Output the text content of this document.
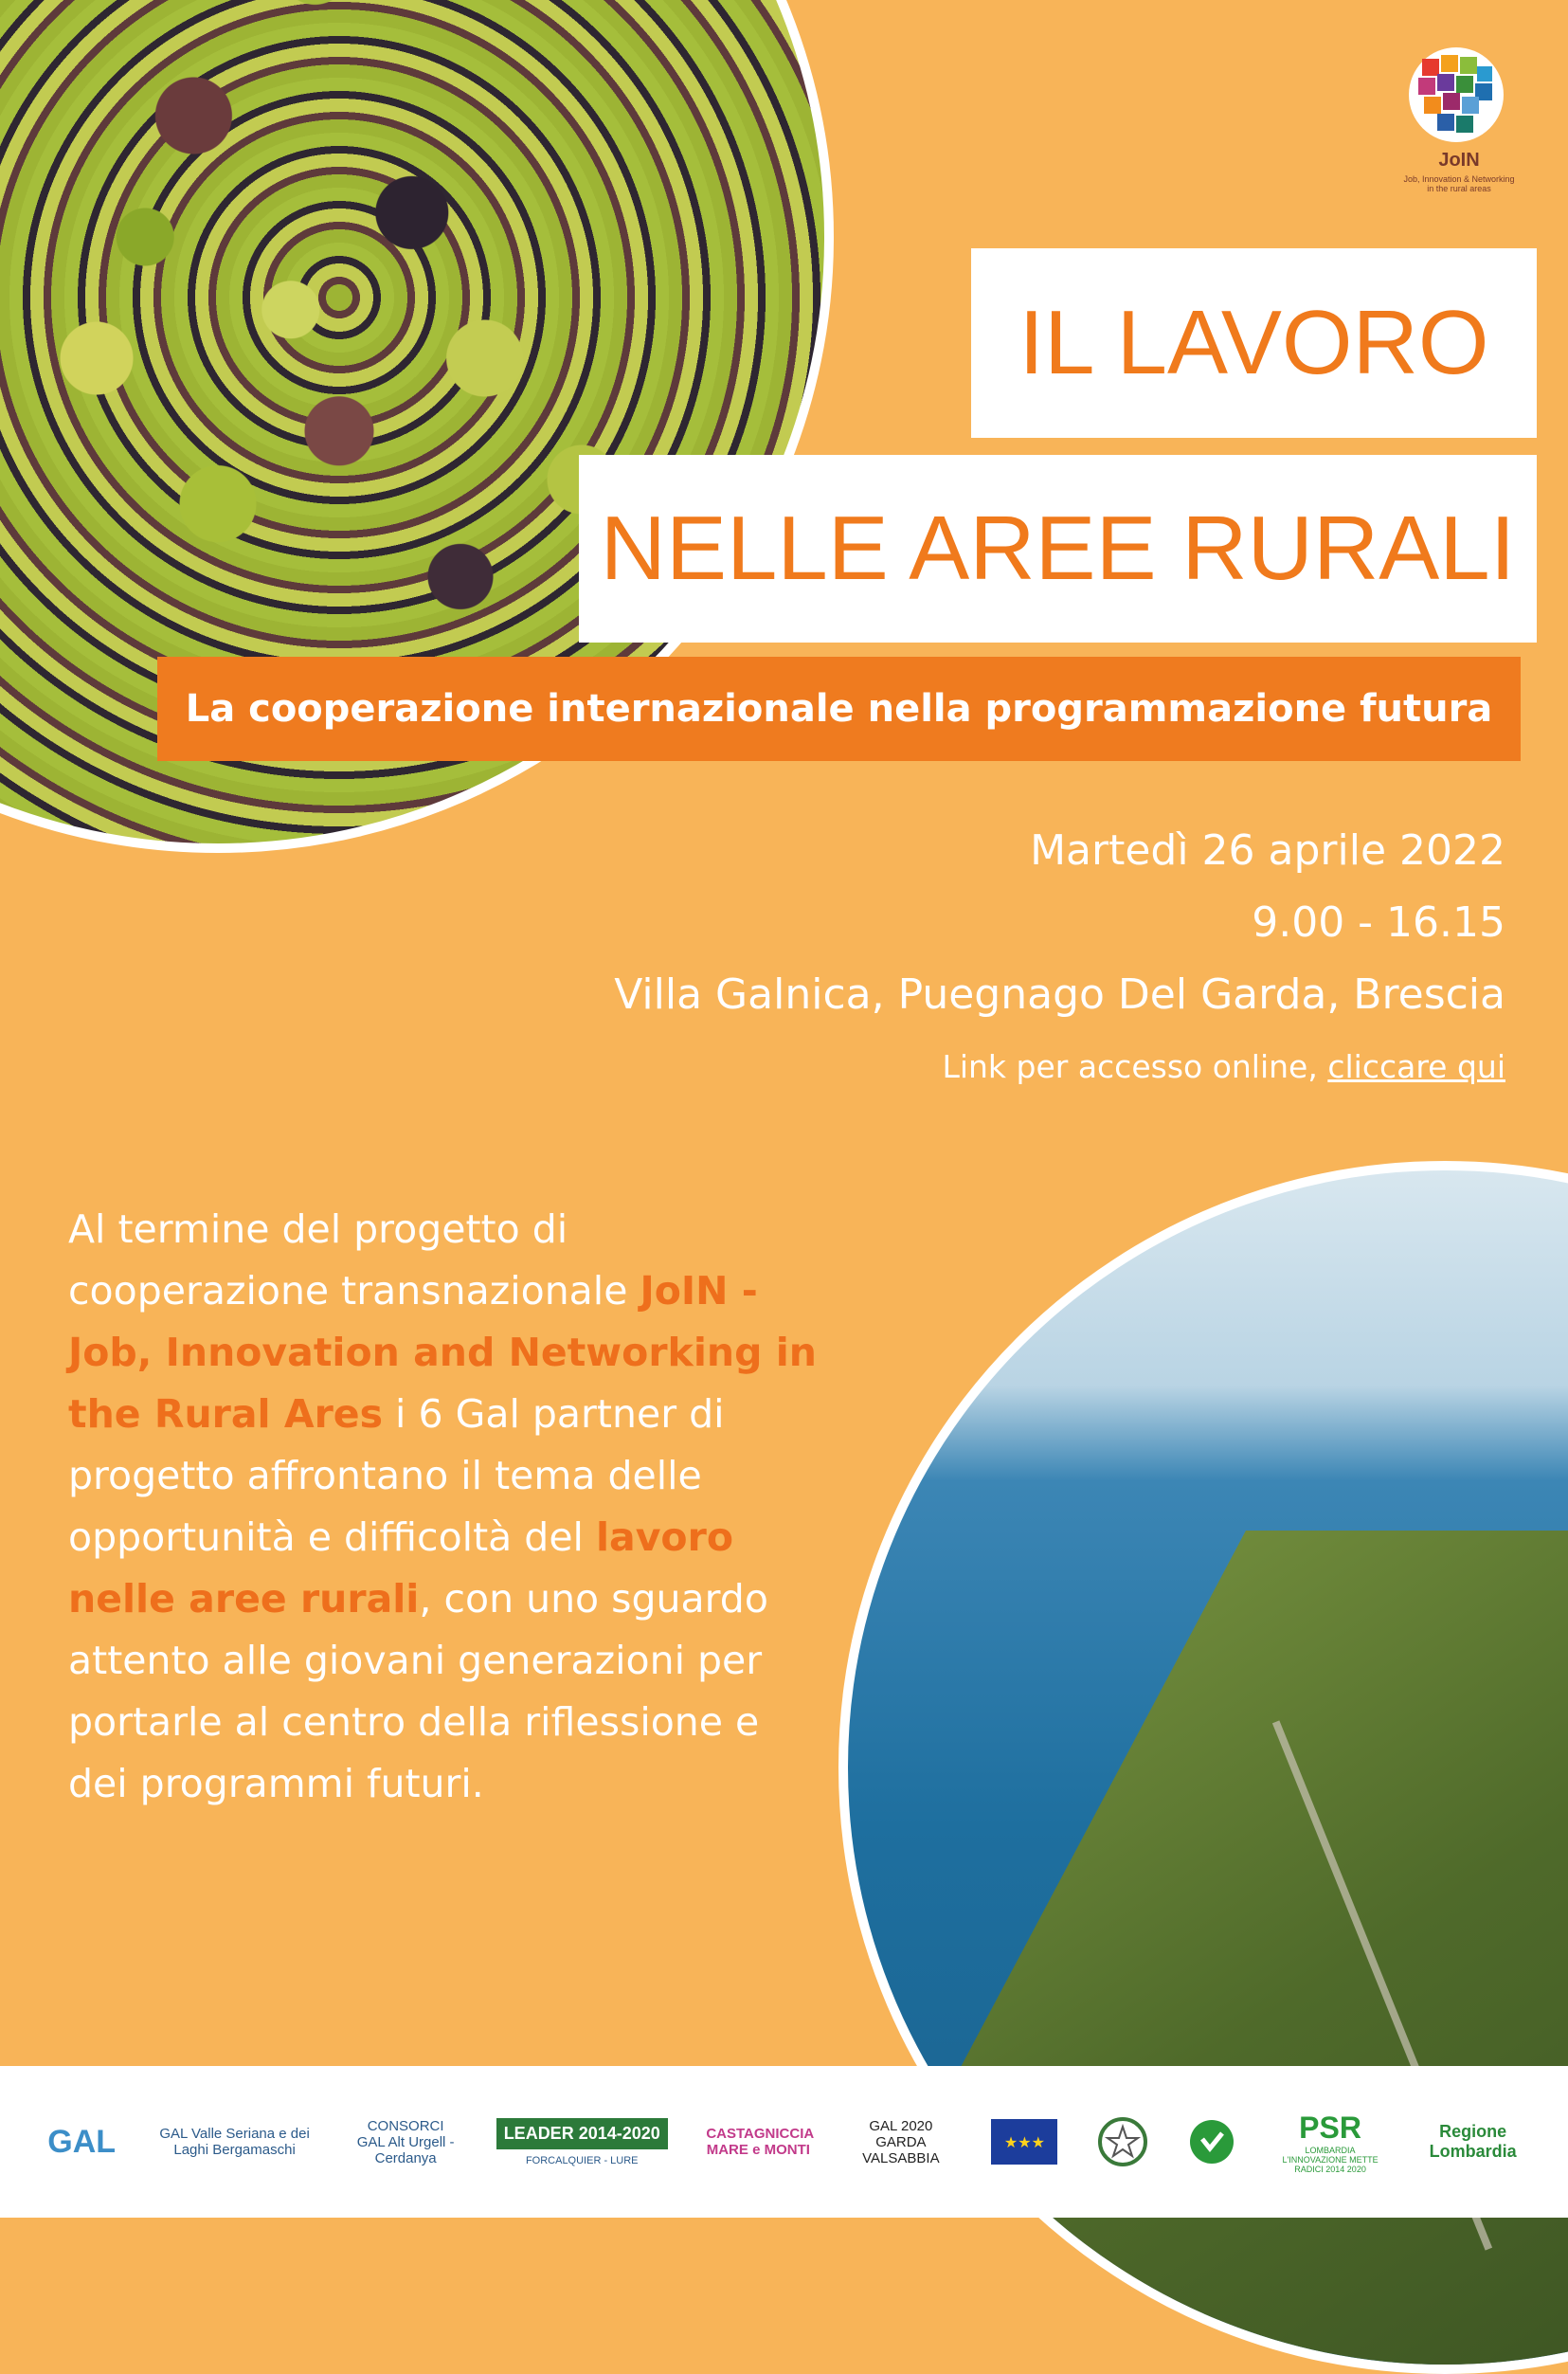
JoIN
Job, Innovation & Networking in the rural areas
IL LAVORO
NELLE AREE RURALI
La cooperazione internazionale nella programmazione futura
Martedì 26 aprile 2022
9.00 - 16.15
Villa Galnica, Puegnago Del Garda, Brescia
Link per accesso online, cliccare qui
Al termine del progetto di cooperazione transnazionale JoIN -Job, Innovation and Networking in the Rural Ares i 6 Gal partner di progetto affrontano il tema delle opportunità e difficoltà del lavoro nelle aree rurali, con uno sguardo attento alle giovani generazioni per portarle al centro della riflessione e dei programmi futuri.
GAL	GAL Valle Seriana e dei Laghi Bergamaschi
CONSORCI GAL Alt Urgell - Cerdanya
LEADER 2014-2020
FORCALQUIER - LURE
CASTAGNICCIA MARE e MONTI
GAL 2020 GARDA VALSABBIA
★★★	PSR
LOMBARDIA L'INNOVAZIONE METTE RADICI 2014 2020
Regione Lombardia
